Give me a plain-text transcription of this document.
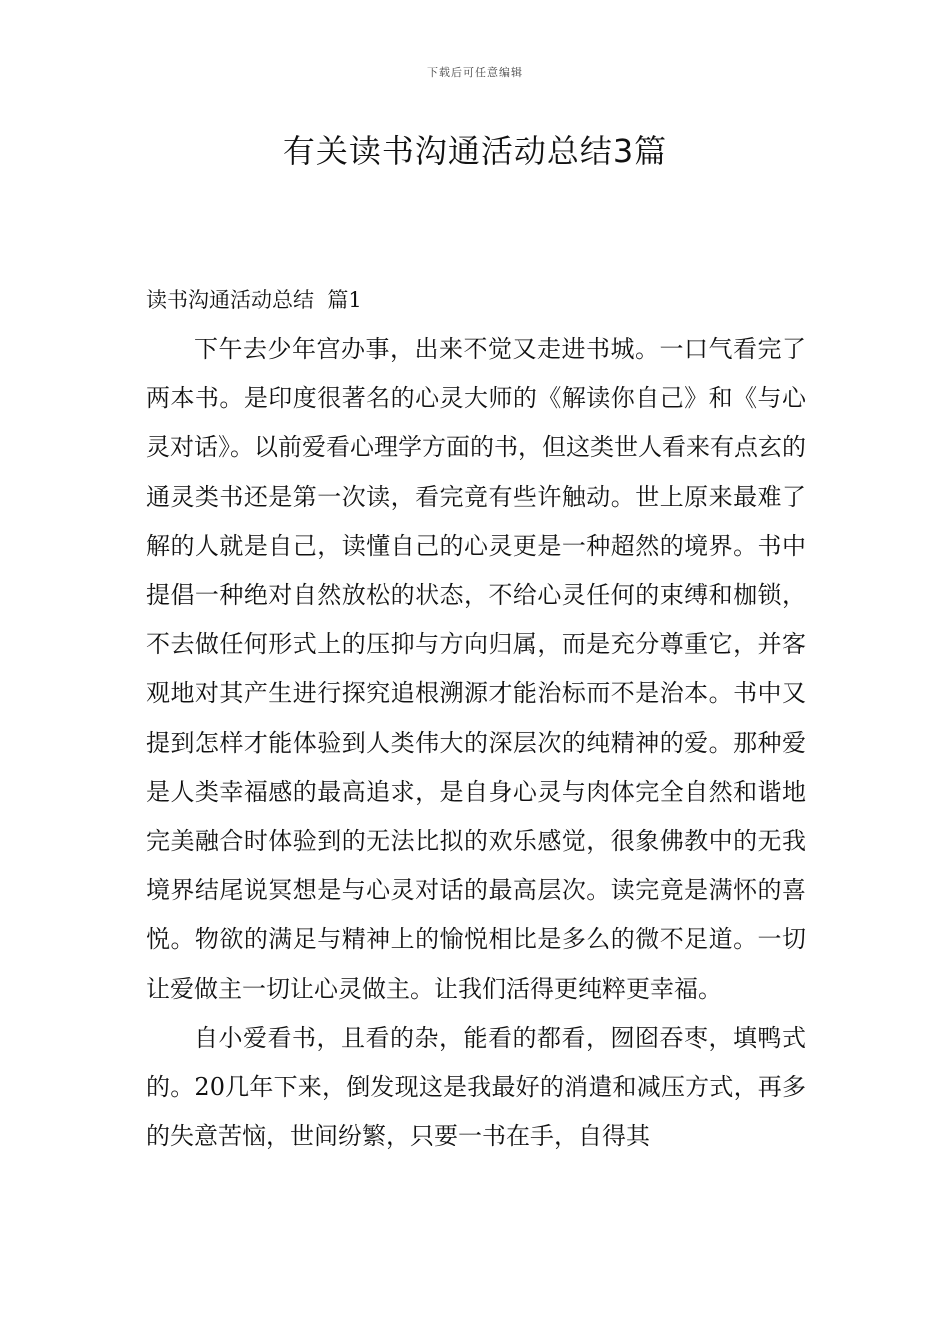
下载后可任意编辑
有关读书沟通活动总结3篇
读书沟通活动总结  篇1

下午去少年宫办事，出来不觉又走进书城。一口气看完了两本书。是印度很著名的心灵大师的《解读你自己》和《与心灵对话》。以前爱看心理学方面的书，但这类世人看来有点玄的通灵类书还是第一次读，看完竟有些许触动。世上原来最难了解的人就是自己，读懂自己的心灵更是一种超然的境界。书中提倡一种绝对自然放松的状态，不给心灵任何的束缚和枷锁，不去做任何形式上的压抑与方向归属，而是充分尊重它，并客观地对其产生进行探究追根溯源才能治标而不是治本。书中又提到怎样才能体验到人类伟大的深层次的纯精神的爱。那种爱是人类幸福感的最高追求，是自身心灵与肉体完全自然和谐地完美融合时体验到的无法比拟的欢乐感觉，很象佛教中的无我境界结尾说冥想是与心灵对话的最高层次。读完竟是满怀的喜悦。物欲的满足与精神上的愉悦相比是多么的微不足道。一切让爱做主一切让心灵做主。让我们活得更纯粹更幸福。

自小爱看书，且看的杂，能看的都看，囫囵吞枣，填鸭式的。20几年下来，倒发现这是我最好的消遣和减压方式，再多的失意苦恼，世间纷繁，只要一书在手，自得其
